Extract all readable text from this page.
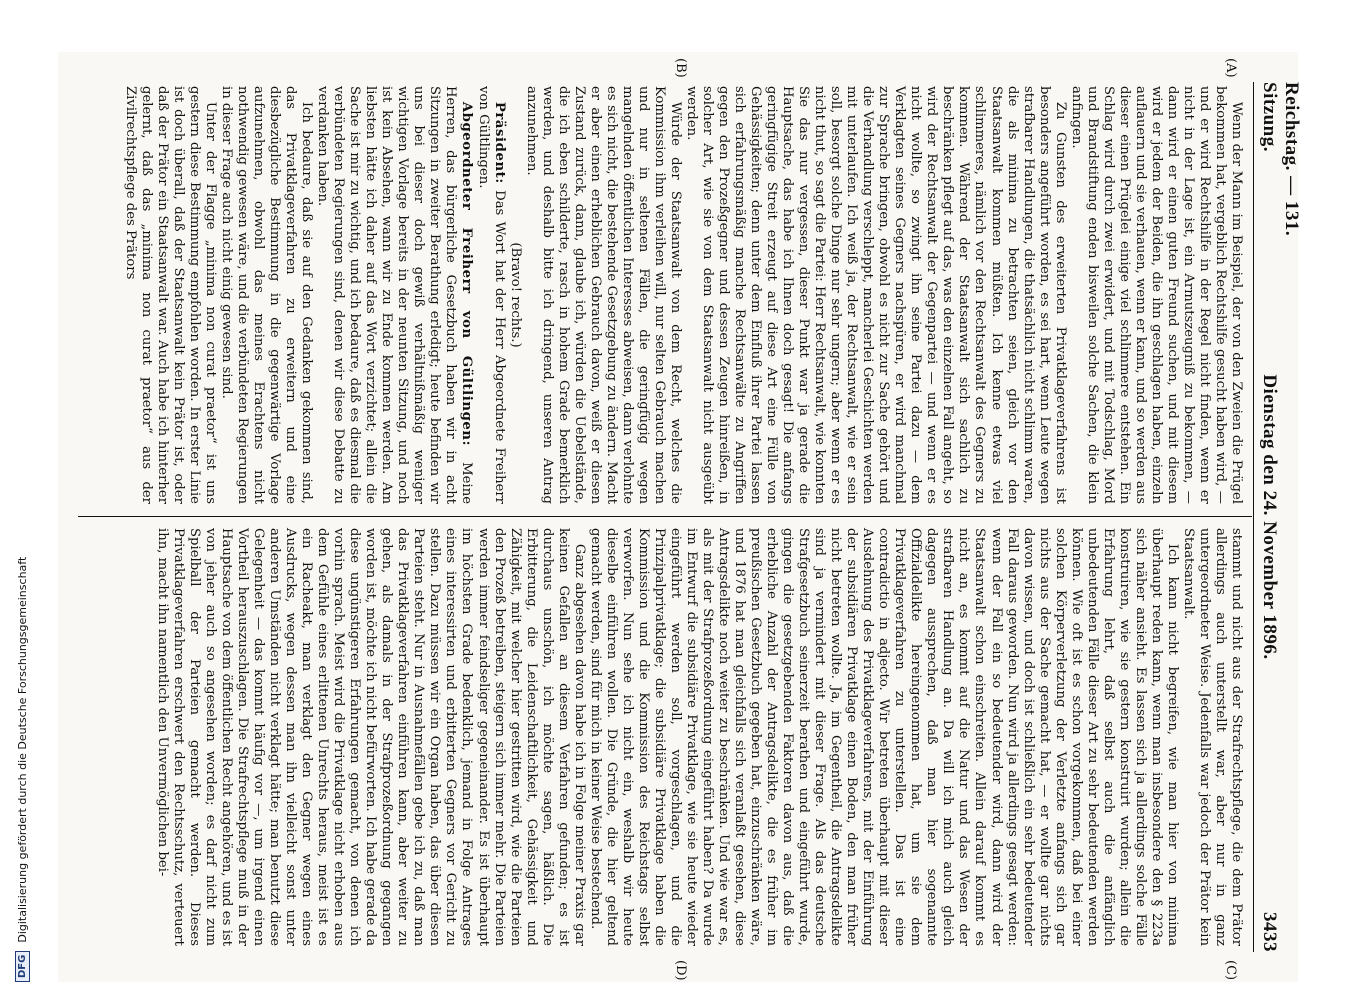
Reichstag. — 131. Sitzung.
Dienstag den 24. November 1896.
3433
(A)
(B)
(C)
(D)

Wenn der Mann im Beispiel, der von den Zweien die Prügel bekommen hat, vergeblich Rechtshilfe gesucht haben wird, — und er wird Rechtshilfe in der Regel nicht finden, wenn er nicht in der Lage ist, ein Armutszeugniß zu bekommen, — dann wird er einen guten Freund suchen, und mit diesem wird er jedem der Beiden, die ihn geschlagen haben, einzeln auflauern und sie verhauen, wenn er kann, und so werden aus dieser einen Prügelei einige viel schlimmere entstehen. Ein Schlag wird durch zwei erwidert, und mit Todschlag, Mord und Brandstiftung enden bisweilen solche Sachen, die klein anfingen.

Zu Gunsten des erweiterten Privatklageverfahrens ist besonders angeführt worden, es sei hart, wenn Leute wegen strafbarer Handlungen, die thatsächlich nicht schlimm waren, die als minima zu betrachten seien, gleich vor den Staatsanwalt kommen müßten. Ich kenne etwas viel schlimmeres, nämlich vor den Rechtsanwalt des Gegners zu kommen. Während der Staatsanwalt sich sachlich zu beschränken pflegt auf das, was den einzelnen Fall angeht, so wird der Rechtsanwalt der Gegenpartei — und wenn er es nicht wollte, so zwingt ihn seine Partei dazu — dem Verklagten seines Gegners nachspüren, er wird manchmal zur Sprache bringen, obwohl es nicht zur Sache gehört und die Verhandlung verschleppt, mancherlei Geschichten werden mit unterlaufen. Ich weiß ja, der Rechtsanwalt, wie er sein soll, besorgt solche Dinge nur sehr ungern; aber wenn er es nicht thut, so sagt die Partei: Herr Rechtsanwalt, wie konnten Sie das nur vergessen, dieser Punkt war ja gerade die Hauptsache, das habe ich Ihnen doch gesagt! Die anfangs geringfügige Streit erzeugt auf diese Art eine Fülle von Gehässigkeiten; denn unter dem Einfluß ihrer Partei lassen sich erfahrungsmäßig manche Rechtsanwälte zu Angriffen gegen den Prozeßgegner und dessen Zeugen hinreißen, in solcher Art, wie sie von dem Staatsanwalt nicht ausgeübt werden.

Würde der Staatsanwalt von dem Recht, welches die Kommission ihm verleihen will, nur selten Gebrauch machen und nur in seltenen Fällen, die geringfügig wegen mangelnden öffentlichen Interesses abweisen, dann verlohnte es sich nicht, die bestehende Gesetzgebung zu ändern. Macht er aber einen erheblichen Gebrauch davon, weiß er diesen Zustand zurück, dann, glaube ich, würden die Uebelstände, die ich eben schilderte, rasch in hohem Grade bemerklich werden, und deshalb bitte ich dringend, unseren Antrag anzunehmen.

(Bravo! rechts.)

Präsident: Das Wort hat der Herr Abgeordnete Freiherr von Gültlingen.

Abgeordneter Freiherr von Gültlingen: Meine Herren, das bürgerliche Gesetzbuch haben wir in acht Sitzungen in zweiter Berathung erledigt; heute befinden wir uns bei dieser doch gewiß verhältnißmäßig weniger wichtigen Vorlage bereits in der neunten Sitzung, und noch ist kein Absehen, wann wir zu Ende kommen werden. Am liebsten hätte ich daher auf das Wort verzichtet; allein die Sache ist mir zu wichtig, und ich bedaure, daß es diesmal die verbündeten Regierungen sind, denen wir diese Debatte zu verdanken haben.

Ich bedaure, daß sie auf den Gedanken gekommen sind, das Privatklageverfahren zu erweitern und eine diesbezügliche Bestimmung in die gegenwärtige Vorlage aufzunehmen, obwohl das meines Erachtens nicht nothwendig gewesen wäre, und die verbündeten Regierungen in dieser Frage auch nicht einig gewesen sind.

Unter der Flagge „minima non curat praetor“ ist uns gestern diese Bestimmung empfohlen worden. In erster Linie ist doch überall, daß der Staatsanwalt kein Prätor ist, oder daß der Prätor ein Staatsanwalt war. Auch habe ich hinterher gelernt, daß das „minima non curat praetor“ aus der Zivilrechtspflege des Prätors

stammt und nicht aus der Strafrechtspflege, die dem Prätor allerdings auch unterstellt war, aber nur in ganz untergeordneter Weise. Jedenfalls war jedoch der Prätor kein Staatsanwalt.

Ich kann nicht begreifen, wie man hier von minima überhaupt reden kann, wenn man insbesondere den § 223a sich näher ansieht. Es lassen sich ja allerdings solche Fälle konstruiren, wie sie gestern konstruirt wurden; allein die Erfahrung lehrt, daß selbst auch die anfänglich unbedeutenden Fälle dieser Art zu sehr bedeutenden werden können. Wie oft ist es schon vorgekommen, daß bei einer solchen Körperverletzung der Verletzte anfangs sich gar nichts aus der Sache gemacht hat, — er wollte gar nichts davon wissen, und doch ist schließlich ein sehr bedeutender Fall daraus geworden. Nun wird ja allerdings gesagt werden: wenn der Fall ein so bedeutender wird, dann wird der Staatsanwalt schon einschreiten. Allein darauf kommt es nicht an, es kommt auf die Natur und das Wesen der strafbaren Handlung an. Da will ich mich auch gleich dagegen aussprechen, daß man hier sogenannte Offizialdelikte hereingenommen hat, um sie dem Privatklageverfahren zu unterstellen. Das ist eine contradictio in adjecto. Wir betreten überhaupt mit dieser Ausdehnung des Privatklageverfahrens, mit der Einführung der subsidiären Privatklage einen Boden, den man früher nicht betreten wollte. Ja, im Gegentheil, die Antragsdelikte sind ja vermindert mit dieser Frage. Als das deutsche Strafgesetzbuch seinerzeit berathen und eingeführt wurde, gingen die gesetzgebenden Faktoren davon aus, daß die erhebliche Anzahl der Antragsdelikte, die es früher im preußischen Gesetzbuch gegeben hat, einzuschränken wäre, und 1876 hat man gleichfalls sich veranlaßt gesehen, diese Antragsdelikte noch weiter zu beschränken. Und wie war es, als mit der Strafprozeßordnung eingeführt haben? Da wurde im Entwurf die subsidiäre Privatklage, wie sie heute wieder eingeführt werden soll, vorgeschlagen, und die Prinzipalprivatklage; die subsidiäre Privatklage haben die Kommission und die Kommission des Reichstags selbst verworfen. Nun sehe ich nicht ein, weshalb wir heute dieselbe einführen wollen. Die Gründe, die hier geltend gemacht werden, sind für mich in keiner Weise bestechend.

Ganz abgesehen davon habe ich in Folge meiner Praxis gar keinen Gefallen an diesem Verfahren gefunden; es ist durchaus unschön, ich möchte sagen, häßlich. Die Erbitterung, die Leidenschaftlichkeit, Gehässigkeit und Zähigkeit, mit welcher hier gestritten wird, wie die Parteien den Prozeß betreiben, steigern sich immer mehr. Die Parteien werden immer feindseliger gegeneinander. Es ist überhaupt im höchsten Grade bedenklich, jemand in Folge Antrages eines interessirten und erbitterten Gegners vor Gericht zu stellen. Dazu müssen wir ein Organ haben, das über diesen Parteien steht. Nur in Ausnahmefällen gebe ich zu, daß man das Privatklageverfahren einführen kann, aber weiter zu gehen, als damals in der Strafprozeßordnung gegangen worden ist, möchte ich nicht befürworten. Ich habe gerade da diese ungünstigeren Erfahrungen gemacht, von denen ich vorhin sprach. Meist wird die Privatklage nicht erhoben aus dem Gefühle eines erlittenen Unrechts heraus, meist ist es ein Racheakt, man verklagt den Gegner wegen eines Ausdrucks, wegen dessen man ihn vielleicht sonst unter anderen Umständen nicht verklagt hätte; man benutzt diese Gelegenheit — das kommt häufig vor —, um irgend einen Vortheil herauszuschlagen. Die Strafrechtspflege muß in der Hauptsache von dem öffentlichen Recht angehören, und es ist von jeher auch so angesehen worden; es darf nicht zum Spielball der Parteien gemacht werden. Dieses Privatklageverfahren erschwert den Rechtsschutz, verteuert ihn, macht ihn namentlich den Unvermöglichen bei-

DFG
Digitalisierung gefördert durch die Deutsche Forschungsgemeinschaft
